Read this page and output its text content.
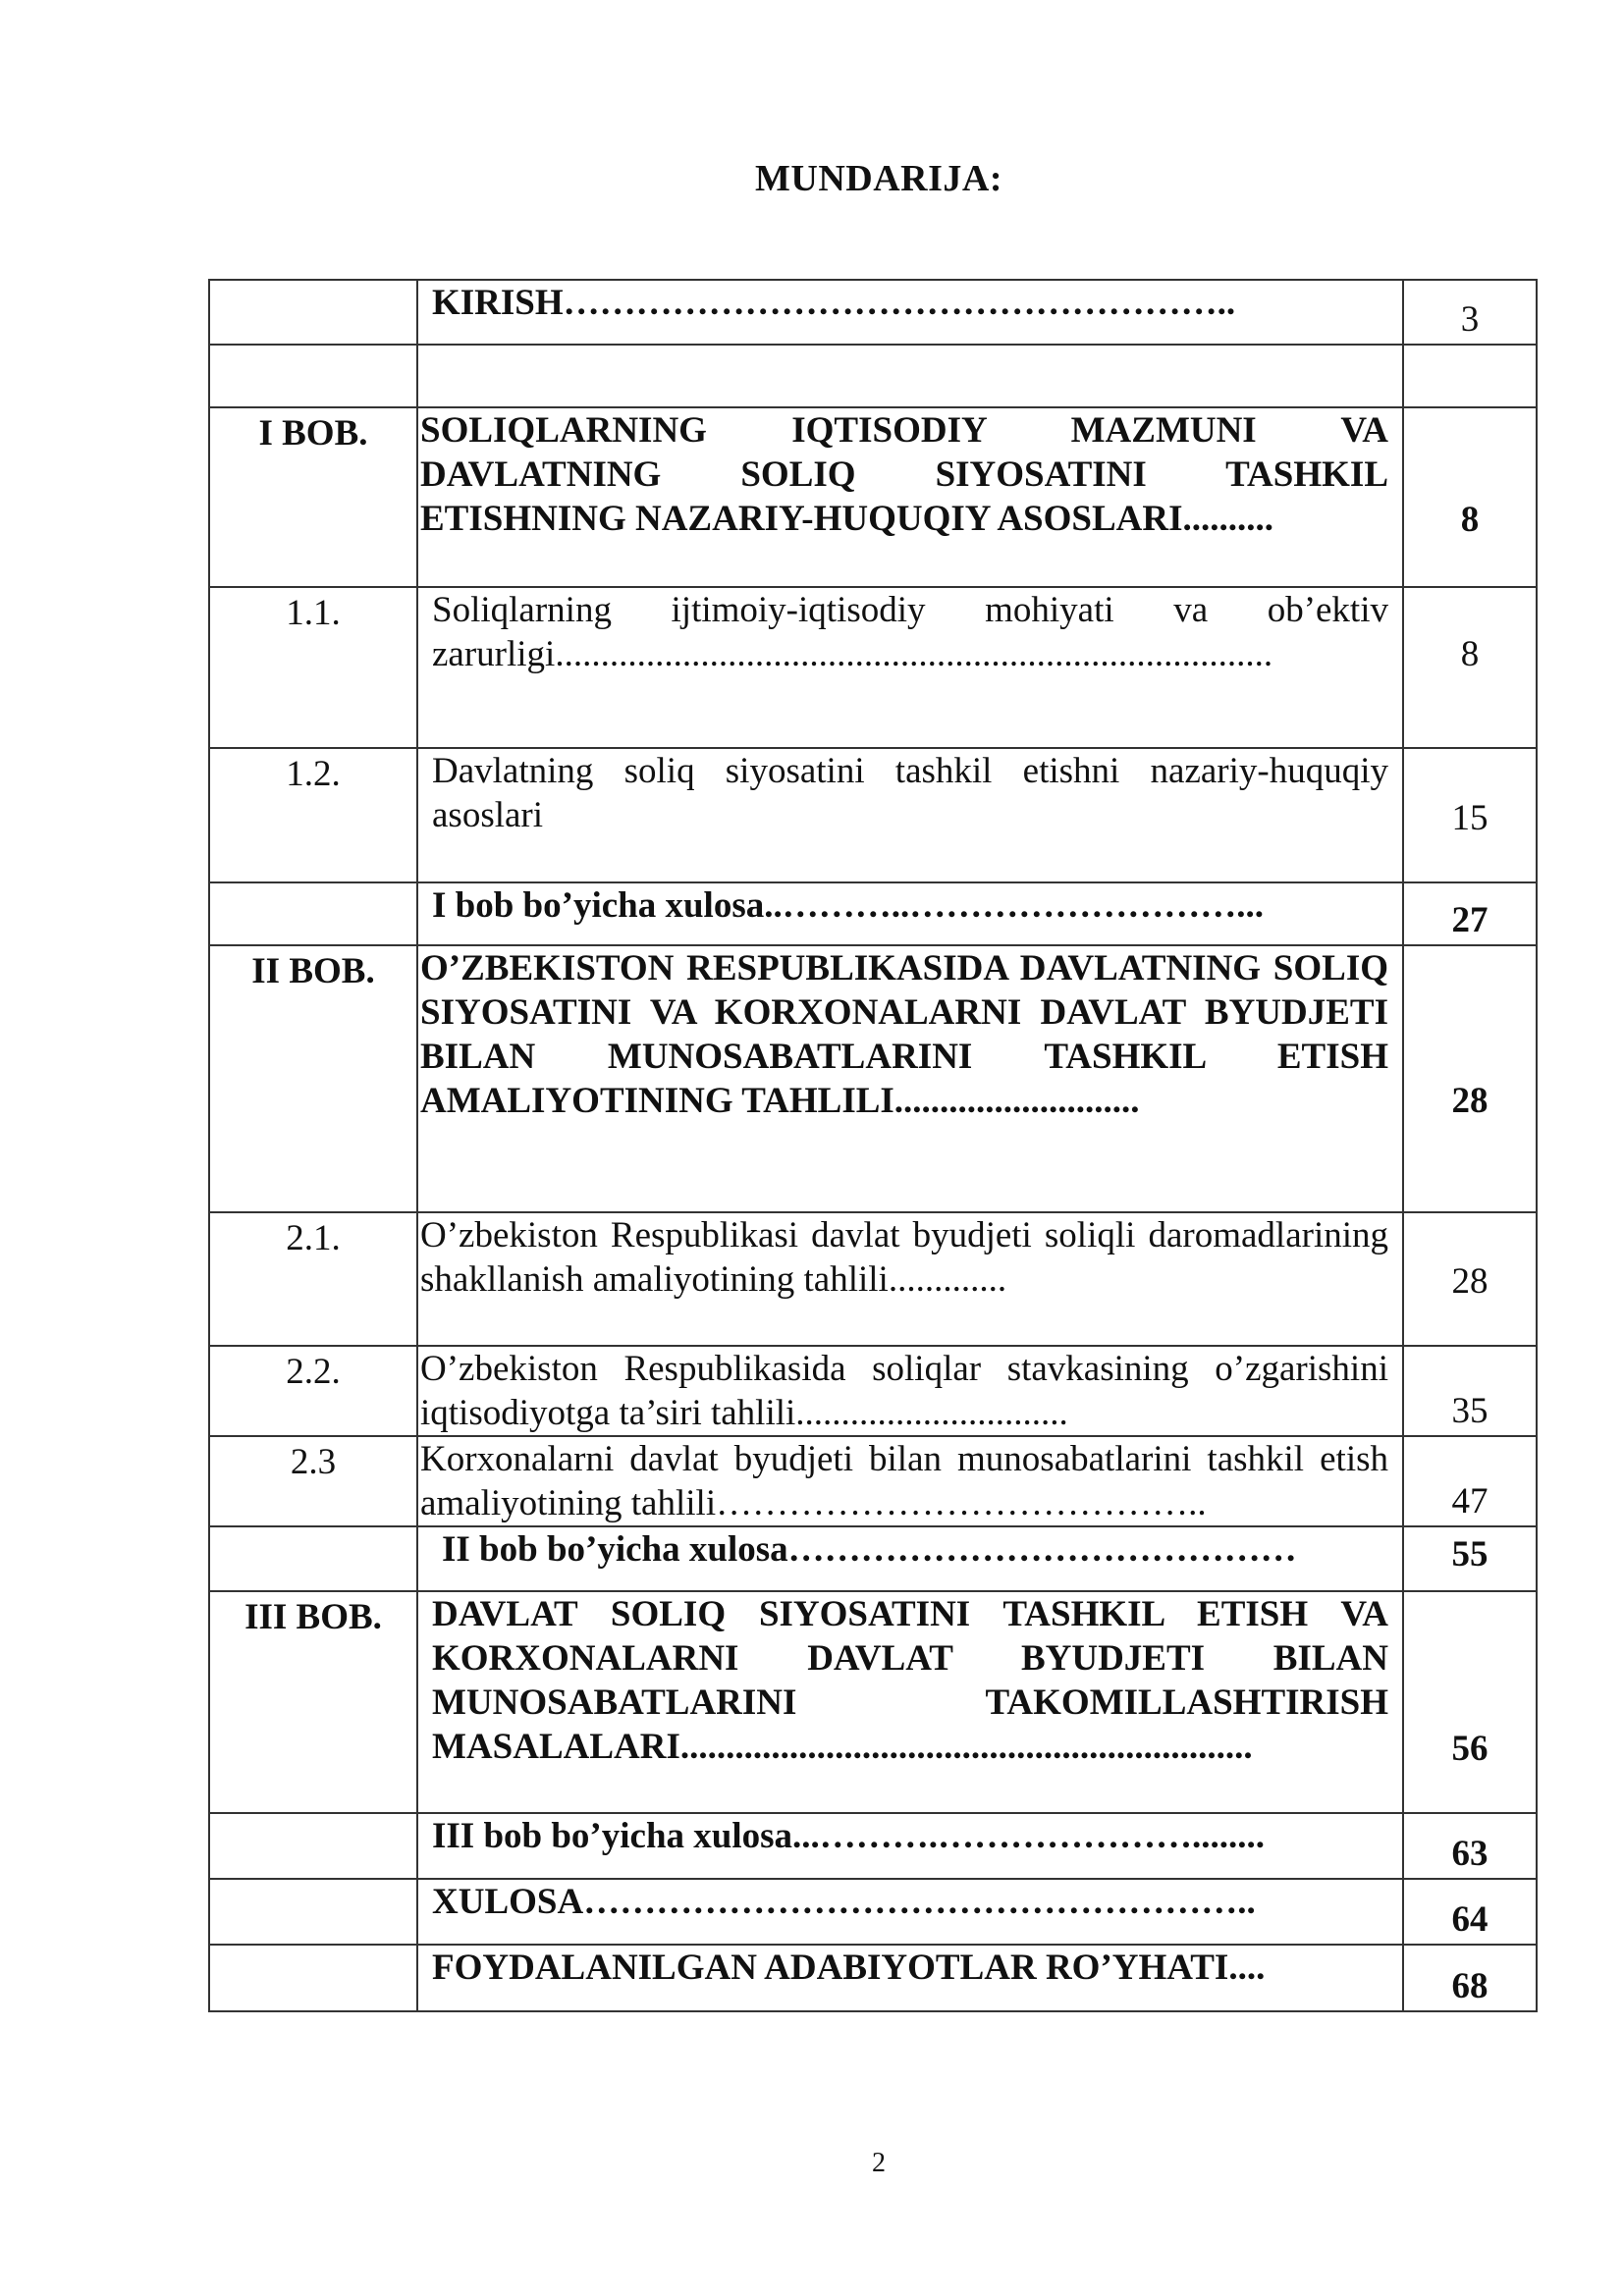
MUNDARIJA:
	KIRISH………………………………………………..	3

I BOB.	SOLIQLARNING IQTISODIY MAZMUNI VA DAVLATNING SOLIQ SIYOSATINI TASHKIL ETISHNING NAZARIY-HUQUQIY ASOSLARI..........	8
1.1.	Soliqlarning ijtimoiy-iqtisodiy mohiyati va ob’ektiv zarurligi...............................................................................	8
1.2.	Davlatning soliq siyosatini tashkil etishni nazariy-huquqiy asoslari	15
	I bob bo’yicha xulosa..………..………………………...	27
II BOB.	O’ZBEKISTON RESPUBLIKASIDA DAVLATNING SOLIQ SIYOSATINI VA KORXONALARNI DAVLAT BYUDJETI BILAN MUNOSABATLARINI TASHKIL ETISH AMALIYOTINING TAHLILI...........................	28
2.1.	O’zbekiston Respublikasi davlat byudjeti soliqli daromadlarining shakllanish amaliyotining tahlili.............	28
2.2.	O’zbekiston Respublikasida soliqlar stavkasining o’zgarishini iqtisodiyotga ta’siri tahlili..............................	35
2.3	Korxonalarni davlat byudjeti bilan munosabatlarini tashkil etish amaliyotining tahlili…………………………………..	47
	II bob bo’yicha xulosa……………………………………	55
III BOB.	DAVLAT SOLIQ SIYOSATINI TASHKIL ETISH VA KORXONALARNI DAVLAT BYUDJETI BILAN MUNOSABATLARINI TAKOMILLASHTIRISH MASALALARI...............................................................	56
	III bob bo’yicha xulosa...……….…………………........	63
	XULOSA………………………………………………..	64
	FOYDALANILGAN ADABIYOTLAR RO’YHATI....	68
2
